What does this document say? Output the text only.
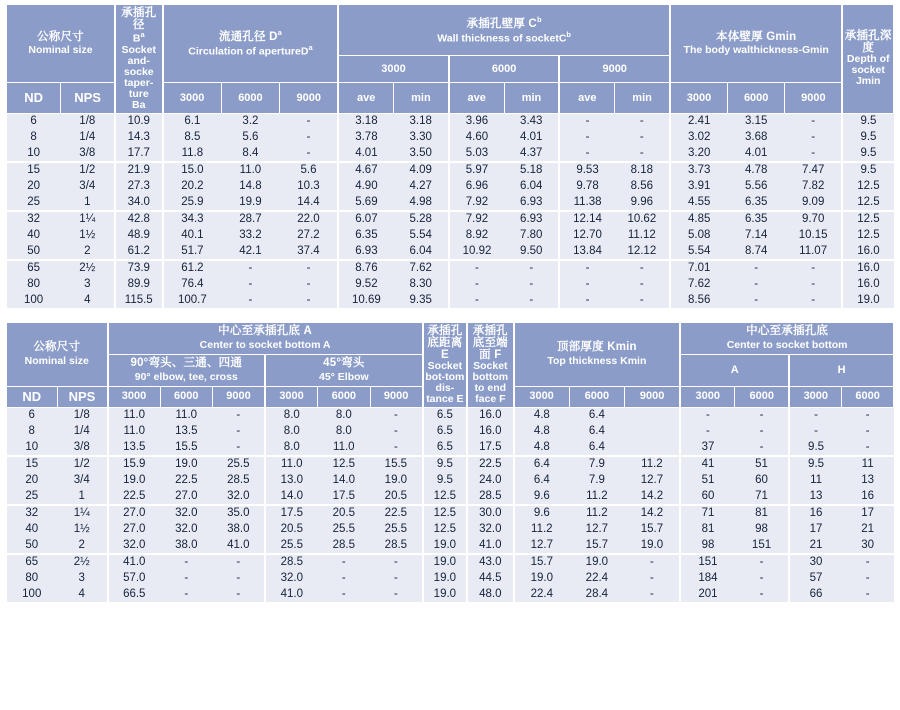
公称尺寸
Nominal size		承插孔径
$B^a$
Socket and-socke taper-ture
Ba	流通孔径 $D^a$
Circulation of apertureD$^a$			承插孔壁厚 $C^b$
Wall thickness of socketC$^b$						本体壁厚 Gmin
The body walthickness-Gmin			承插孔深度
Depth of socket Jmin

						3000		6000		9000					
ND	NPS		3000	6000	9000	ave	min	ave	min	ave	min	3000	6000	9000	
6	1/8	10.9	6.1	3.2	-	3.18	3.18	3.96	3.43	-	-	2.41	3.15	-	9.5
8	1/4	14.3	8.5	5.6	-	3.78	3.30	4.60	4.01	-	-	3.02	3.68	-	9.5
10	3/8	17.7	11.8	8.4	-	4.01	3.50	5.03	4.37	-	-	3.20	4.01	-	9.5
15	1/2	21.9	15.0	11.0	5.6	4.67	4.09	5.97	5.18	9.53	8.18	3.73	4.78	7.47	9.5
20	3/4	27.3	20.2	14.8	10.3	4.90	4.27	6.96	6.04	9.78	8.56	3.91	5.56	7.82	12.5
25	1	34.0	25.9	19.9	14.4	5.69	4.98	7.92	6.93	11.38	9.96	4.55	6.35	9.09	12.5
32	1¼	42.8	34.3	28.7	22.0	6.07	5.28	7.92	6.93	12.14	10.62	4.85	6.35	9.70	12.5
40	1½	48.9	40.1	33.2	27.2	6.35	5.54	8.92	7.80	12.70	11.12	5.08	7.14	10.15	12.5
50	2	61.2	51.7	42.1	37.4	6.93	6.04	10.92	9.50	13.84	12.12	5.54	8.74	11.07	16.0
65	2½	73.9	61.2	-	-	8.76	7.62	-	-	-	-	7.01	-	-	16.0
80	3	89.9	76.4	-	-	9.52	8.30	-	-	-	-	7.62	-	-	16.0
100	4	115.5	100.7	-	-	10.69	9.35	-	-	-	-	8.56	-	-	19.0
公称尺寸
Nominal size		中心至承插孔底 A
Center to socket bottom A						承插孔底距离 E
Socket bot-tom dis-tance E	承插孔底至端面 F
Socket bottom to end face F	顶部厚度 Kmin
Top thickness Kmin			中心至承插孔底
Center to socket bottom			

		90°弯头、三通、四通
90° elbow, tee, cross			45°弯头
45° Elbow								A		H	
ND	NPS	3000	6000	9000	3000	6000	9000			3000	6000	9000	3000	6000	3000	6000
6	1/8	11.0	11.0	-	8.0	8.0	-	6.5	16.0	4.8	6.4		-	-	-	-
8	1/4	11.0	13.5	-	8.0	8.0	-	6.5	16.0	4.8	6.4		-	-	-	-
10	3/8	13.5	15.5	-	8.0	11.0	-	6.5	17.5	4.8	6.4		37	-	9.5	-
15	1/2	15.9	19.0	25.5	11.0	12.5	15.5	9.5	22.5	6.4	7.9	11.2	41	51	9.5	11
20	3/4	19.0	22.5	28.5	13.0	14.0	19.0	9.5	24.0	6.4	7.9	12.7	51	60	11	13
25	1	22.5	27.0	32.0	14.0	17.5	20.5	12.5	28.5	9.6	11.2	14.2	60	71	13	16
32	1¼	27.0	32.0	35.0	17.5	20.5	22.5	12.5	30.0	9.6	11.2	14.2	71	81	16	17
40	1½	27.0	32.0	38.0	20.5	25.5	25.5	12.5	32.0	11.2	12.7	15.7	81	98	17	21
50	2	32.0	38.0	41.0	25.5	28.5	28.5	19.0	41.0	12.7	15.7	19.0	98	151	21	30
65	2½	41.0	-	-	28.5	-	-	19.0	43.0	15.7	19.0	-	151	-	30	-
80	3	57.0	-	-	32.0	-	-	19.0	44.5	19.0	22.4	-	184	-	57	-
100	4	66.5	-	-	41.0	-	-	19.0	48.0	22.4	28.4	-	201	-	66	-
